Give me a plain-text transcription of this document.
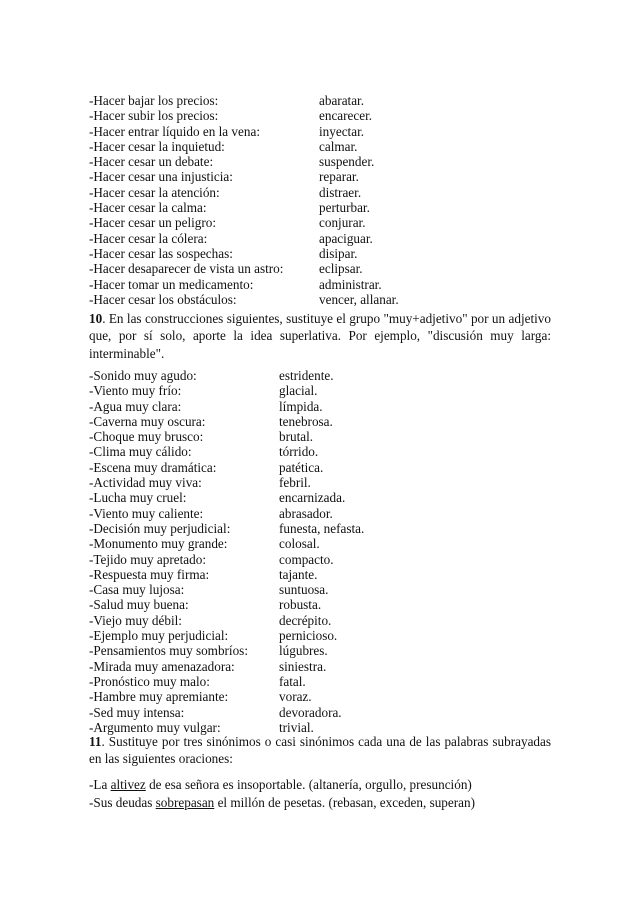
-Hacer bajar los precios:	abaratar.
-Hacer subir los precios:	encarecer.
-Hacer entrar líquido en la vena:	inyectar.
-Hacer cesar la inquietud:	calmar.
-Hacer cesar un debate:	suspender.
-Hacer cesar una injusticia:	reparar.
-Hacer cesar la atención:	distraer.
-Hacer cesar la calma:	perturbar.
-Hacer cesar un peligro:	conjurar.
-Hacer cesar la cólera:	apaciguar.
-Hacer cesar las sospechas:	disipar.
-Hacer desaparecer de vista un astro:	eclipsar.
-Hacer tomar un medicamento:	administrar.
-Hacer cesar los obstáculos:	vencer, allanar.
10. En las construcciones siguientes, sustituye el grupo "muy+adjetivo" por un adjetivo que, por sí solo, aporte la idea superlativa. Por ejemplo, "discusión muy larga: interminable".
-Sonido muy agudo:	estridente.
-Viento muy frío:	glacial.
-Agua muy clara:	límpida.
-Caverna muy oscura:	tenebrosa.
-Choque muy brusco:	brutal.
-Clima muy cálido:	tórrido.
-Escena muy dramática:	patética.
-Actividad muy viva:	febril.
-Lucha muy cruel:	encarnizada.
-Viento muy caliente:	abrasador.
-Decisión muy perjudicial:	funesta, nefasta.
-Monumento muy grande:	colosal.
-Tejido muy apretado:	compacto.
-Respuesta muy firma:	tajante.
-Casa muy lujosa:	suntuosa.
-Salud muy buena:	robusta.
-Viejo muy débil:	decrépito.
-Ejemplo muy perjudicial:	pernicioso.
-Pensamientos muy sombríos:	lúgubres.
-Mirada muy amenazadora:	siniestra.
-Pronóstico muy malo:	fatal.
-Hambre muy apremiante:	voraz.
-Sed muy intensa:	devoradora.
-Argumento muy vulgar:	trivial.
11. Sustituye por tres sinónimos o casi sinónimos cada una de las palabras subrayadas en las siguientes oraciones:
-La altivez de esa señora es insoportable. (altanería, orgullo, presunción)
-Sus deudas sobrepasan el millón de pesetas. (rebasan, exceden, superan)
